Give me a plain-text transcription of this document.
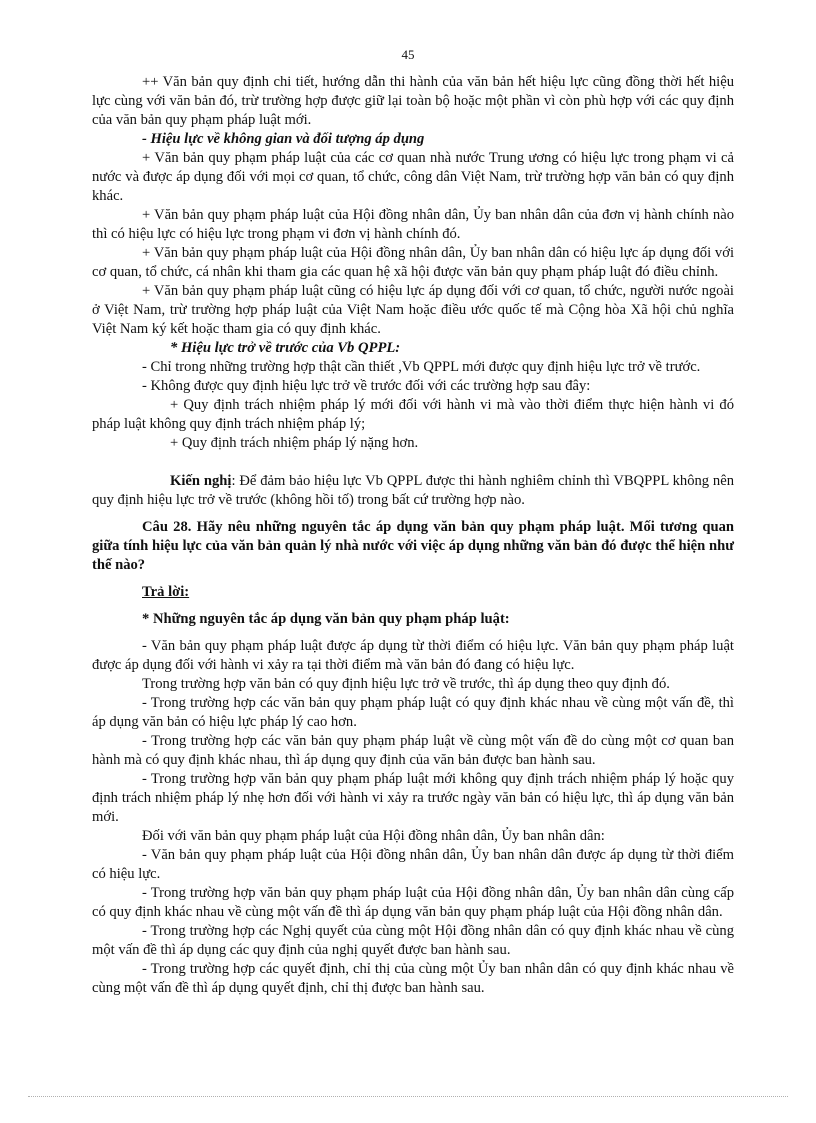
45

++ Văn bản quy định chi tiết, hướng dẫn thi hành của văn bản hết hiệu lực cũng đồng thời hết hiệu lực cùng với văn bản đó, trừ trường hợp được giữ lại toàn bộ hoặc một phần vì còn phù hợp với các quy định của văn bản quy phạm pháp luật mới.

- Hiệu lực về không gian và đối tượng áp dụng

+ Văn bản quy phạm pháp luật của các cơ quan nhà nước Trung ương có hiệu lực trong phạm vi cả nước và được áp dụng đối với mọi cơ quan, tổ chức, công dân Việt Nam, trừ trường hợp văn bản có quy định khác.

+ Văn bản quy phạm pháp luật của Hội đồng nhân dân, Ủy ban nhân dân của đơn vị hành chính nào thì có hiệu lực có hiệu lực trong phạm vi đơn vị hành chính đó.

+ Văn bản quy phạm pháp luật của Hội đồng nhân dân, Ủy ban nhân dân có hiệu lực áp dụng đối với cơ quan, tổ chức, cá nhân khi tham gia các quan hệ xã hội được văn bản quy phạm pháp luật đó điều chỉnh.

+ Văn bản quy phạm pháp luật cũng có hiệu lực áp dụng đối với cơ quan, tổ chức, người nước ngoài ở Việt Nam, trừ trường hợp pháp luật của Việt Nam hoặc điều ước quốc tế mà Cộng hòa Xã hội chủ nghĩa Việt Nam ký kết hoặc tham gia có quy định khác.

* Hiệu lực trở về trước của Vb QPPL:

- Chỉ trong những trường hợp thật cần thiết ,Vb QPPL mới được quy định hiệu lực trở về trước.

- Không được quy định hiệu lực trở về trước đối với các trường hợp sau đây:

+ Quy định trách nhiệm pháp lý mới đối với hành vi mà vào thời điểm thực hiện hành vi đó pháp luật không quy định trách nhiệm pháp lý;

+ Quy định trách nhiệm pháp lý nặng hơn.

Kiến nghị: Để đảm bảo hiệu lực Vb QPPL được thi hành nghiêm chỉnh thì VBQPPL không nên quy định hiệu lực trở về trước (không hồi tố) trong bất cứ trường hợp nào.

Câu 28. Hãy nêu những nguyên tắc áp dụng văn bản quy phạm pháp luật. Mối tương quan giữa tính hiệu lực của văn bản quản lý nhà nước với việc áp dụng những văn bản đó được thể hiện như thế nào?

Trả lời:

* Những nguyên tắc áp dụng văn bản quy phạm pháp luật:

- Văn bản quy phạm pháp luật được áp dụng từ thời điểm có hiệu lực. Văn bản quy phạm pháp luật được áp dụng đối với hành vi xảy ra tại thời điểm mà văn bản đó đang có hiệu lực.

Trong trường hợp văn bản có quy định hiệu lực trở về trước, thì áp dụng theo quy định đó.

- Trong trường hợp các văn bản quy phạm pháp luật có quy định khác nhau về cùng một vấn đề, thì áp dụng văn bản có hiệu lực pháp lý cao hơn.

- Trong trường hợp các văn bản quy phạm pháp luật về cùng một vấn đề do cùng một cơ quan ban hành mà có quy định khác nhau, thì áp dụng quy định của văn bản được ban hành sau.

- Trong trường hợp văn bản quy phạm pháp luật mới không quy định trách nhiệm pháp lý hoặc quy định trách nhiệm pháp lý nhẹ hơn đối với hành vi xảy ra trước ngày văn bản có hiệu lực, thì áp dụng văn bản mới.

Đối với văn bản quy phạm pháp luật của Hội đồng nhân dân, Ủy ban nhân dân:

- Văn bản quy phạm pháp luật của Hội đồng nhân dân, Ủy ban nhân dân được áp dụng từ thời điểm có hiệu lực.

- Trong trường hợp văn bản quy phạm pháp luật của Hội đồng nhân dân, Ủy ban nhân dân cùng cấp có quy định khác nhau về cùng một vấn đề thì áp dụng văn bản quy phạm pháp luật của Hội đồng nhân dân.

- Trong trường hợp các Nghị quyết của cùng một Hội đồng nhân dân có quy định khác nhau về cùng một vấn đề thì áp dụng các quy định của nghị quyết được ban hành sau.

- Trong trường hợp các quyết định, chỉ thị của cùng một Ủy ban nhân dân có quy định khác nhau về cùng một vấn đề thì áp dụng quyết định, chỉ thị được ban hành sau.
